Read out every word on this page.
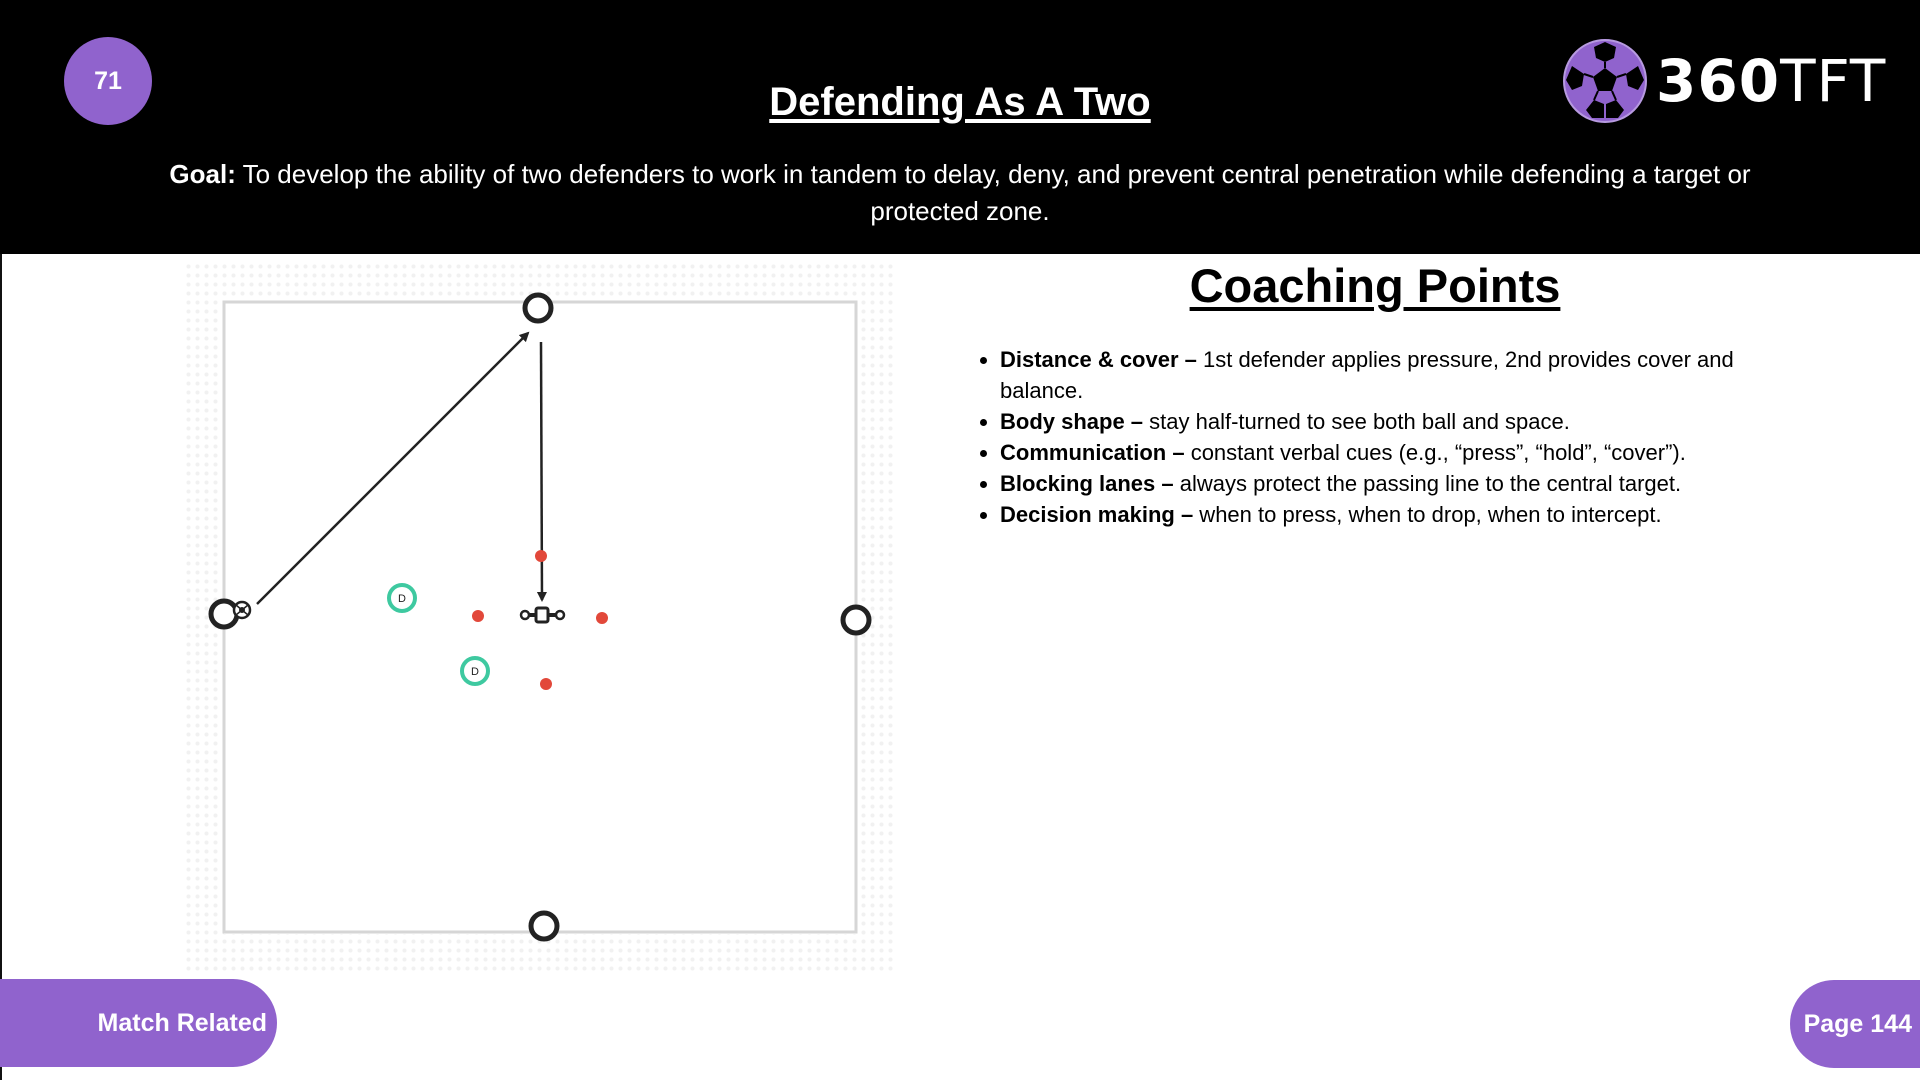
71	Defending As A Two	360TFT
Goal: To develop the ability of two defenders to work in tandem to delay, deny, and prevent central penetration while defending a target or protected zone.
D
D
Coaching Points
• Distance & cover – 1st defender applies pressure, 2nd provides cover and balance.
• Body shape – stay half-turned to see both ball and space.
• Communication – constant verbal cues (e.g., “press”, “hold”, “cover”).
• Blocking lanes – always protect the passing line to the central target.
• Decision making – when to press, when to drop, when to intercept.
Match Related	Page 144
